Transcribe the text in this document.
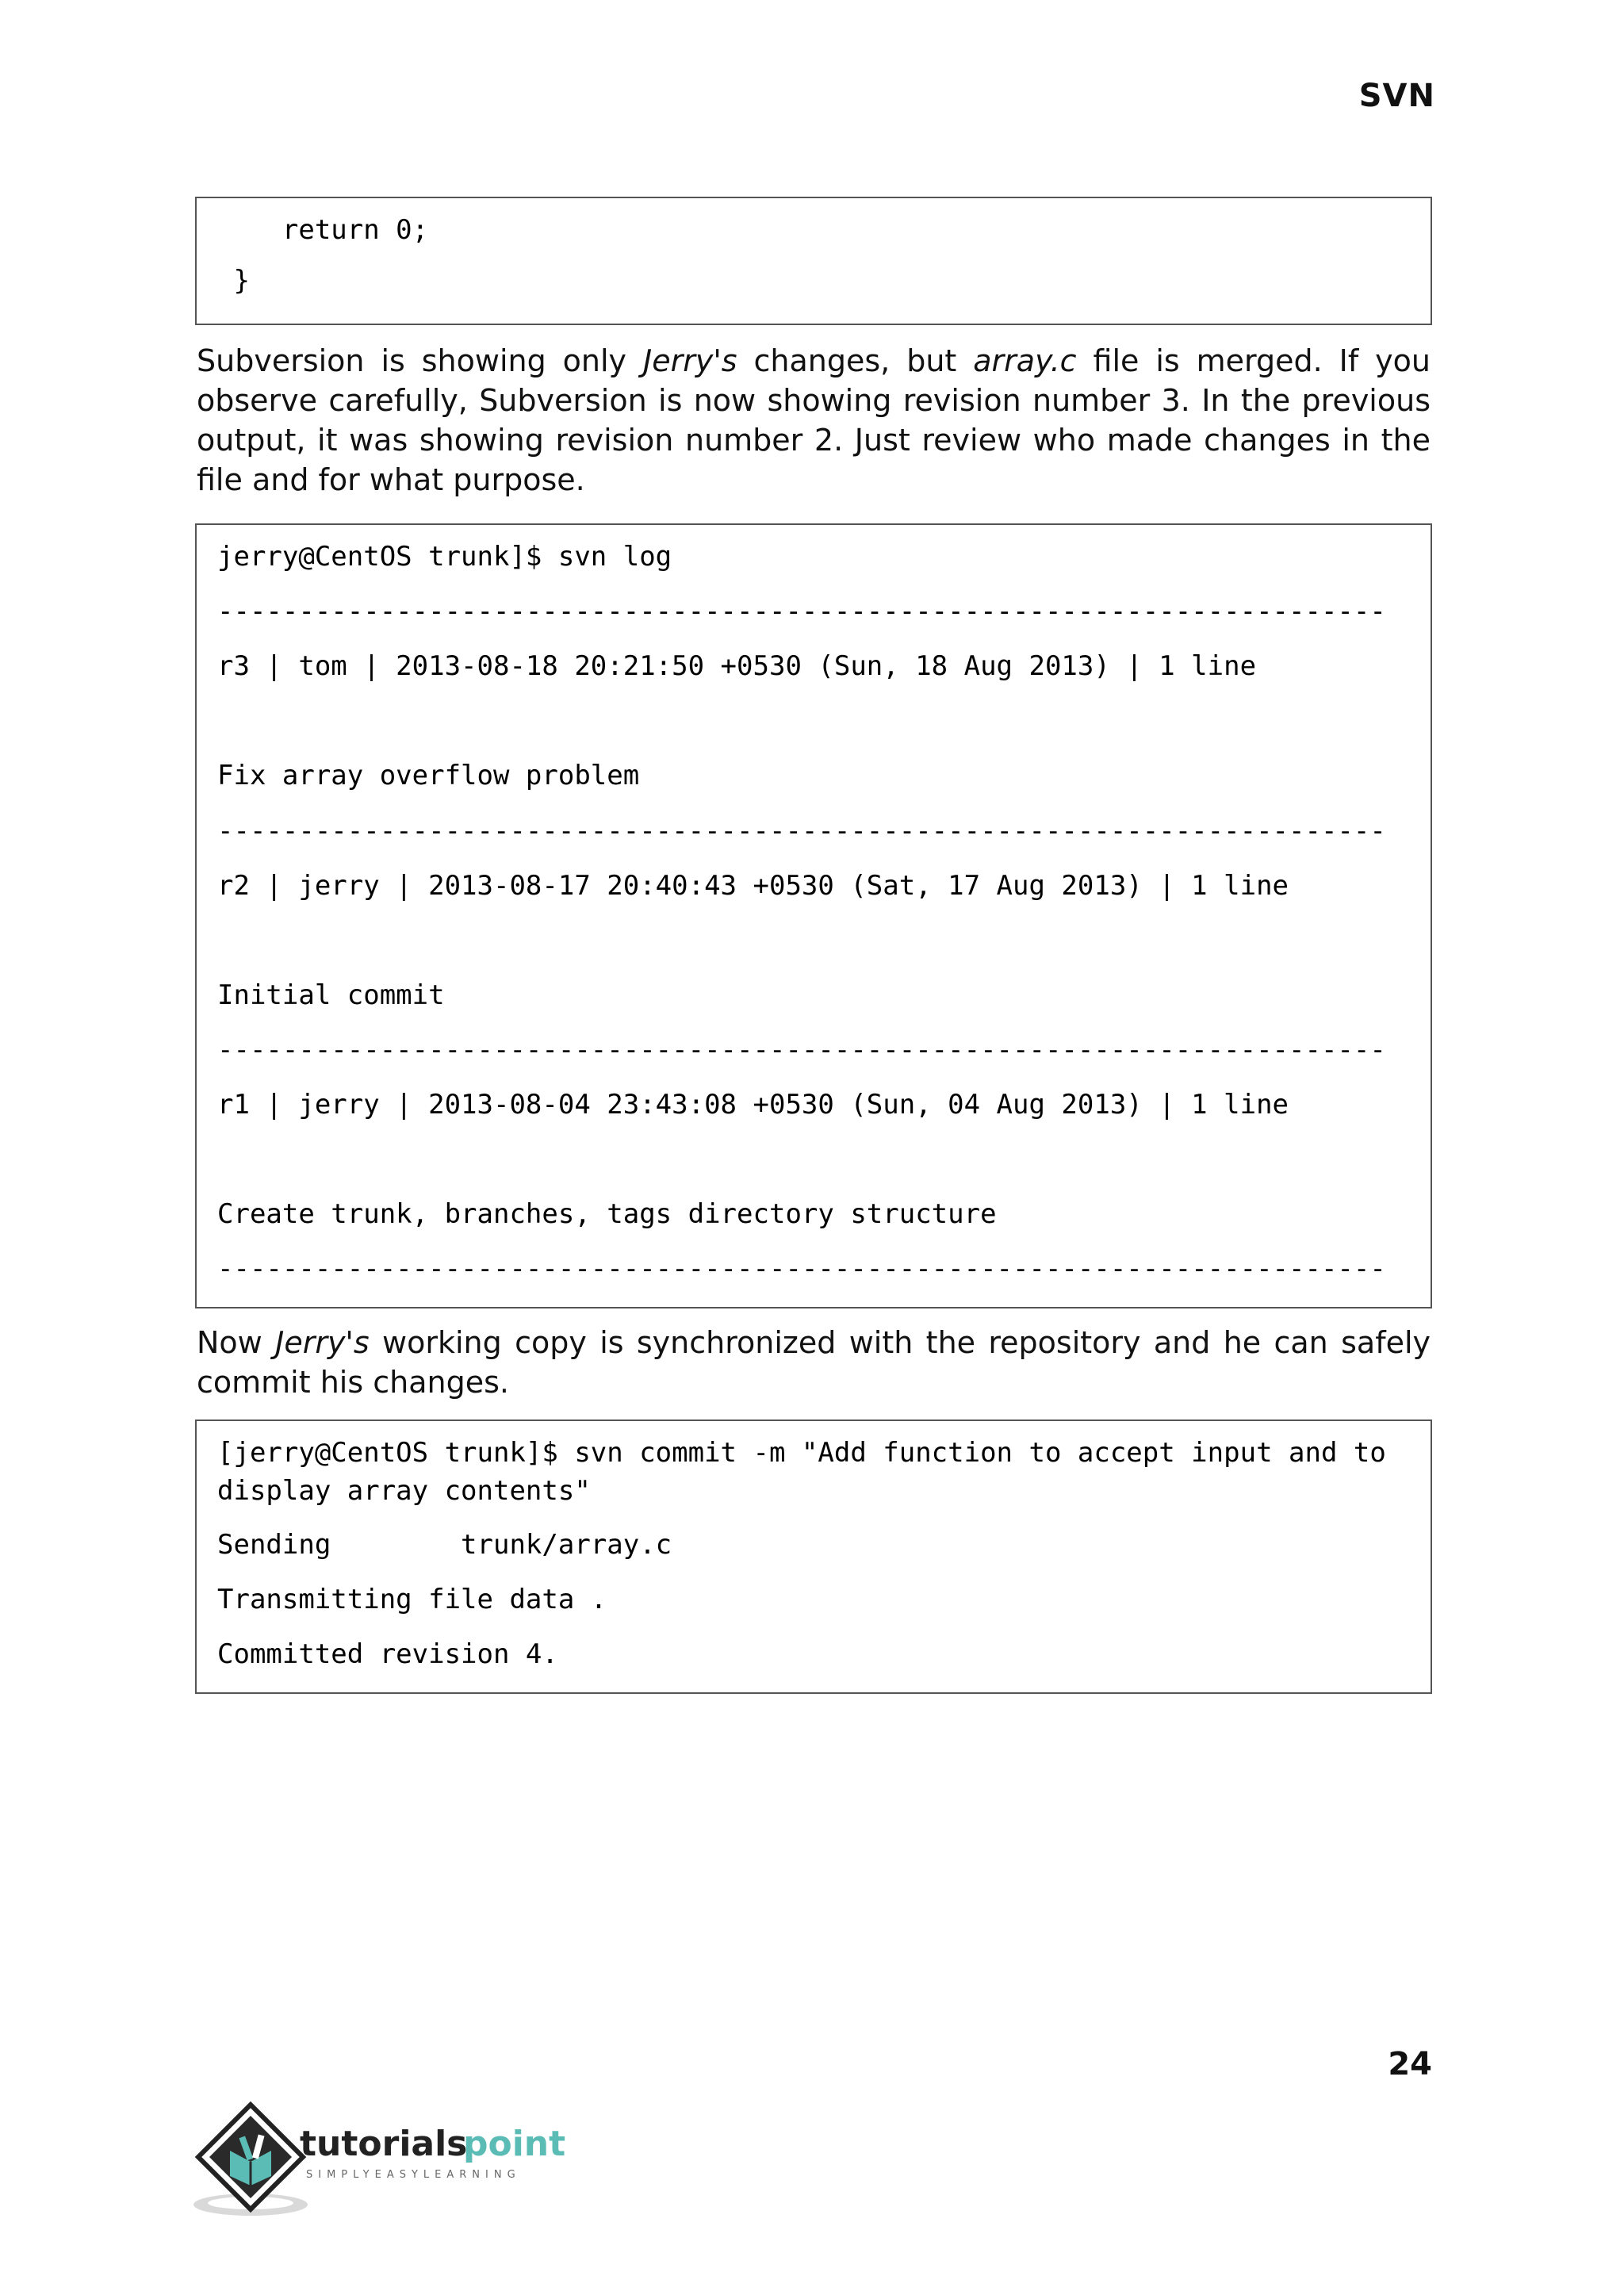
SVN
return 0;
}
Subversion is showing only Jerry's changes, but array.c file is merged. If you observe carefully, Subversion is now showing revision number 3. In the previous output, it was showing revision number 2. Just review who made changes in the file and for what purpose.
jerry@CentOS trunk]$ svn log
------------------------------------------------------------------------
r3 | tom | 2013-08-18 20:21:50 +0530 (Sun, 18 Aug 2013) | 1 line
Fix array overflow problem
------------------------------------------------------------------------
r2 | jerry | 2013-08-17 20:40:43 +0530 (Sat, 17 Aug 2013) | 1 line
Initial commit
------------------------------------------------------------------------
r1 | jerry | 2013-08-04 23:43:08 +0530 (Sun, 04 Aug 2013) | 1 line
Create trunk, branches, tags directory structure
------------------------------------------------------------------------
Now Jerry's working copy is synchronized with the repository and he can safely commit his changes.
[jerry@CentOS trunk]$ svn commit -m "Add function to accept input and to
display array contents"
Sending        trunk/array.c
Transmitting file data .
Committed revision 4.
24
tutorials
point
SIMPLYEASYLEARNING
